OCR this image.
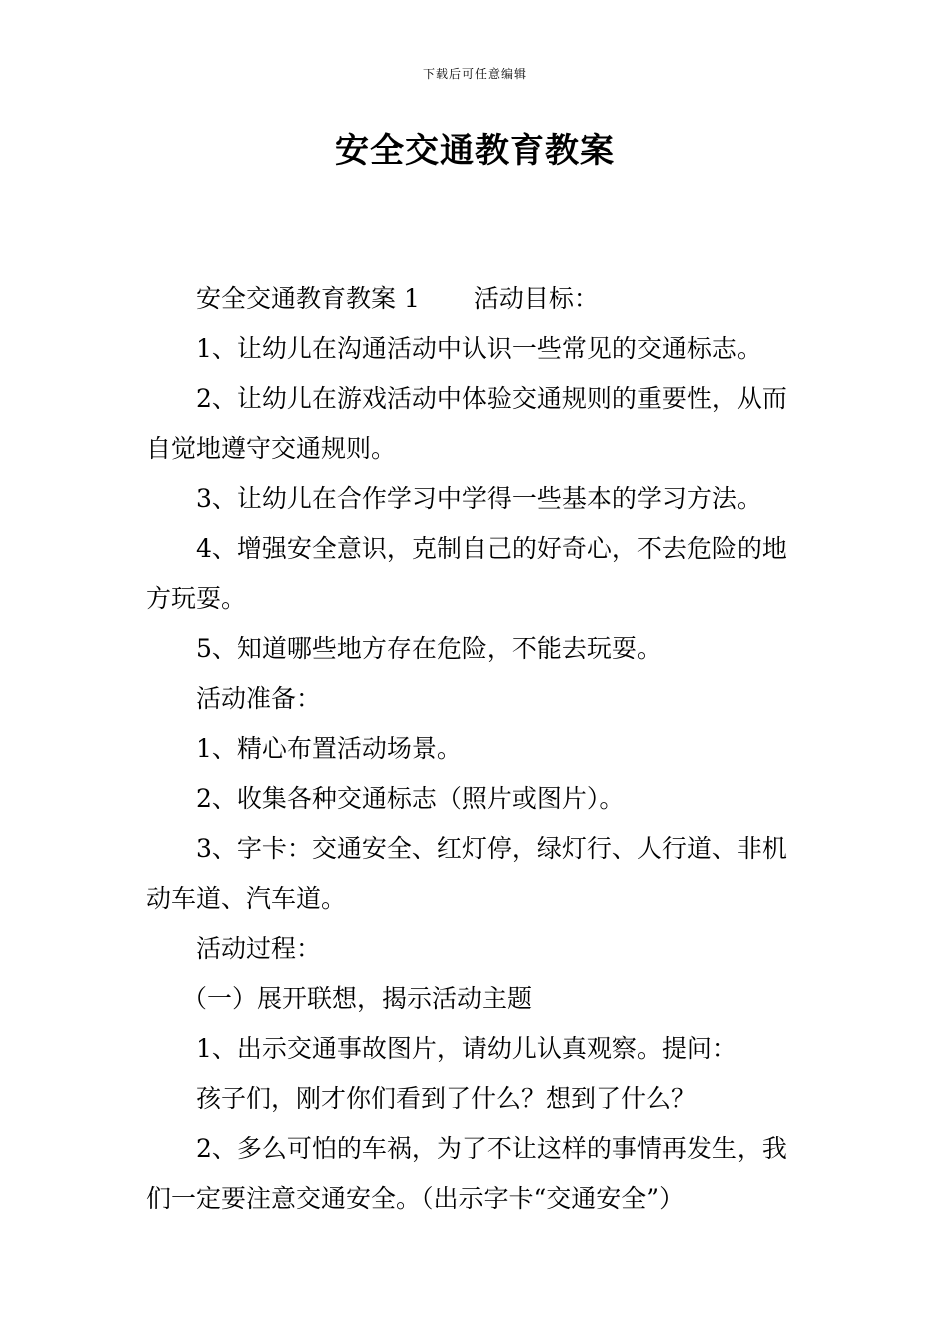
下载后可任意编辑
安全交通教育教案

安全交通教育教案 1 活动目标：

1、让幼儿在沟通活动中认识一些常见的交通标志。

2、让幼儿在游戏活动中体验交通规则的重要性，从而自觉地遵守交通规则。

3、让幼儿在合作学习中学得一些基本的学习方法。

4、增强安全意识，克制自己的好奇心，不去危险的地方玩耍。

5、知道哪些地方存在危险，不能去玩耍。

活动准备：

1、精心布置活动场景。

2、收集各种交通标志（照片或图片）。

3、字卡：交通安全、红灯停，绿灯行、人行道、非机动车道、汽车道。

活动过程：

（一）展开联想，揭示活动主题

1、出示交通事故图片，请幼儿认真观察。提问：

孩子们，刚才你们看到了什么？想到了什么？

2、多么可怕的车祸，为了不让这样的事情再发生，我们一定要注意交通安全。（出示字卡“交通安全”）
